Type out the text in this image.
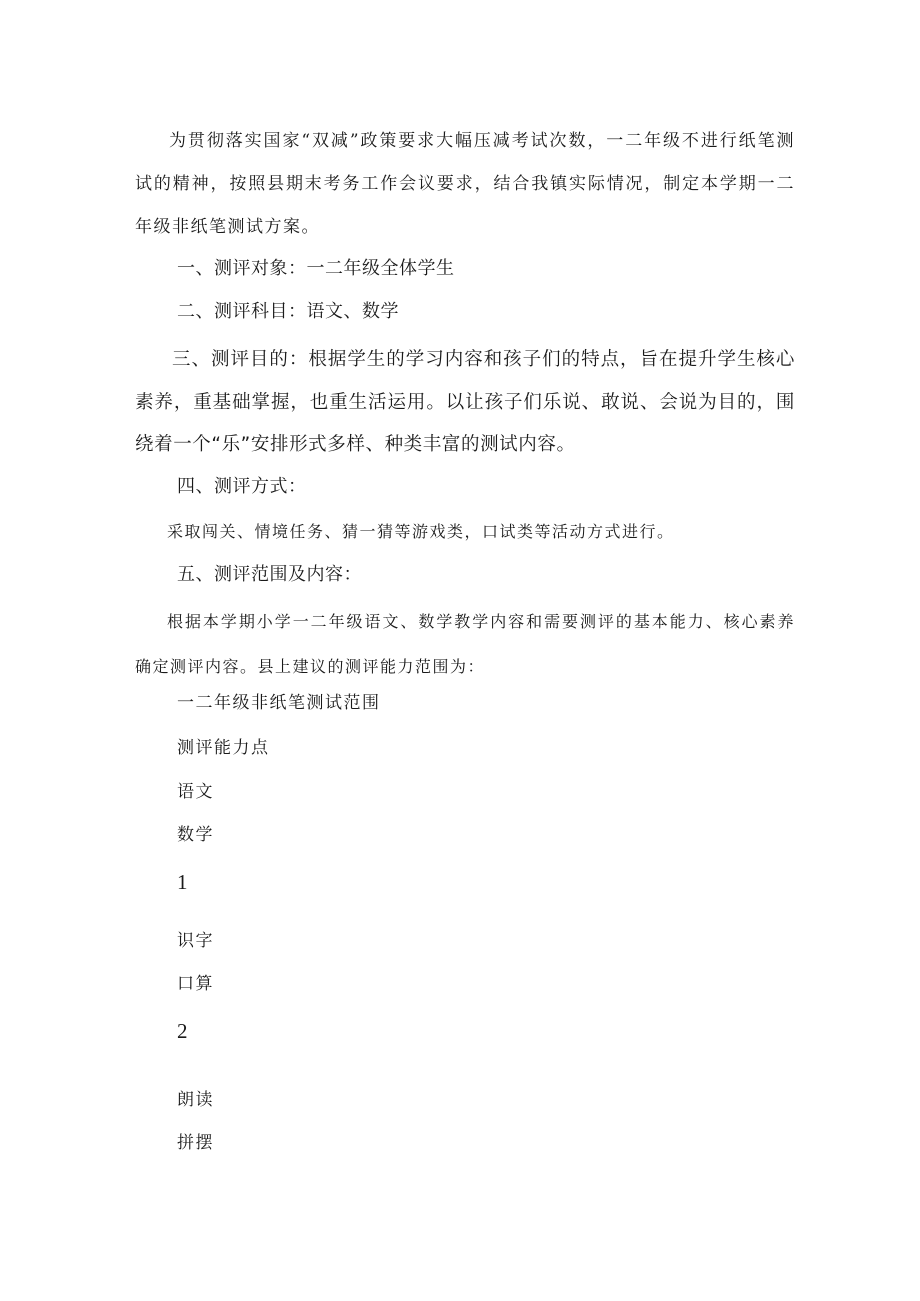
为贯彻落实国家“双减”政策要求大幅压减考试次数，一二年级不进行纸笔测试的精神，按照县期末考务工作会议要求，结合我镇实际情况，制定本学期一二年级非纸笔测试方案。

一、测评对象：一二年级全体学生

二、测评科目：语文、数学

三、测评目的：根据学生的学习内容和孩子们的特点，旨在提升学生核心素养，重基础掌握，也重生活运用。以让孩子们乐说、敢说、会说为目的，围绕着一个“乐”安排形式多样、种类丰富的测试内容。

四、测评方式：

采取闯关、情境任务、猜一猜等游戏类，口试类等活动方式进行。

五、测评范围及内容：

根据本学期小学一二年级语文、数学教学内容和需要测评的基本能力、核心素养确定测评内容。县上建议的测评能力范围为：

一二年级非纸笔测试范围

测评能力点

语文

数学

1

识字

口算

2

朗读

拼摆
